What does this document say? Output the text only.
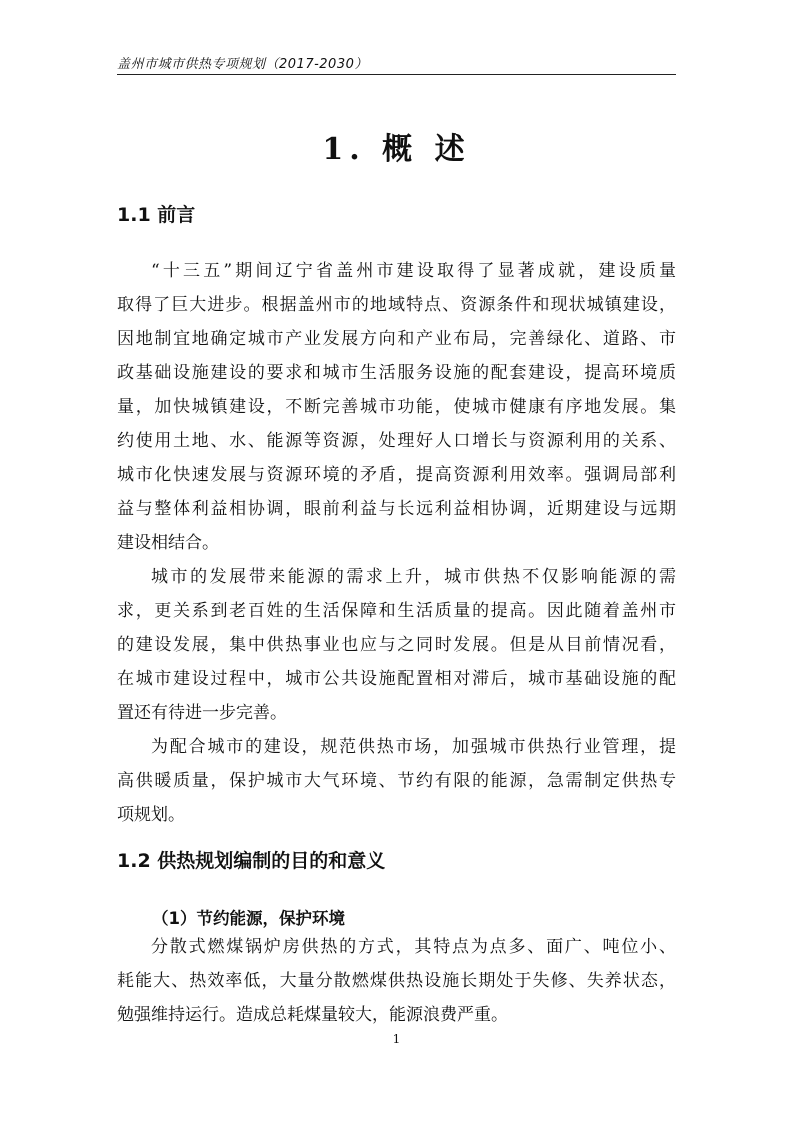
盖州市城市供热专项规划（2017-2030）
1. 概 述
1.1 前言
“十三五”期间辽宁省盖州市建设取得了显著成就，建设质量
取得了巨大进步。根据盖州市的地域特点、资源条件和现状城镇建设，
因地制宜地确定城市产业发展方向和产业布局，完善绿化、道路、市
政基础设施建设的要求和城市生活服务设施的配套建设，提高环境质
量，加快城镇建设，不断完善城市功能，使城市健康有序地发展。集
约使用土地、水、能源等资源，处理好人口增长与资源利用的关系、
城市化快速发展与资源环境的矛盾，提高资源利用效率。强调局部利
益与整体利益相协调，眼前利益与长远利益相协调，近期建设与远期
建设相结合。
城市的发展带来能源的需求上升，城市供热不仅影响能源的需
求，更关系到老百姓的生活保障和生活质量的提高。因此随着盖州市
的建设发展，集中供热事业也应与之同时发展。但是从目前情况看，
在城市建设过程中，城市公共设施配置相对滞后，城市基础设施的配
置还有待进一步完善。
为配合城市的建设，规范供热市场，加强城市供热行业管理，提
高供暖质量，保护城市大气环境、节约有限的能源，急需制定供热专
项规划。
1.2 供热规划编制的目的和意义
（1）节约能源，保护环境
分散式燃煤锅炉房供热的方式，其特点为点多、面广、吨位小、
耗能大、热效率低，大量分散燃煤供热设施长期处于失修、失养状态，
勉强维持运行。造成总耗煤量较大，能源浪费严重。
1
